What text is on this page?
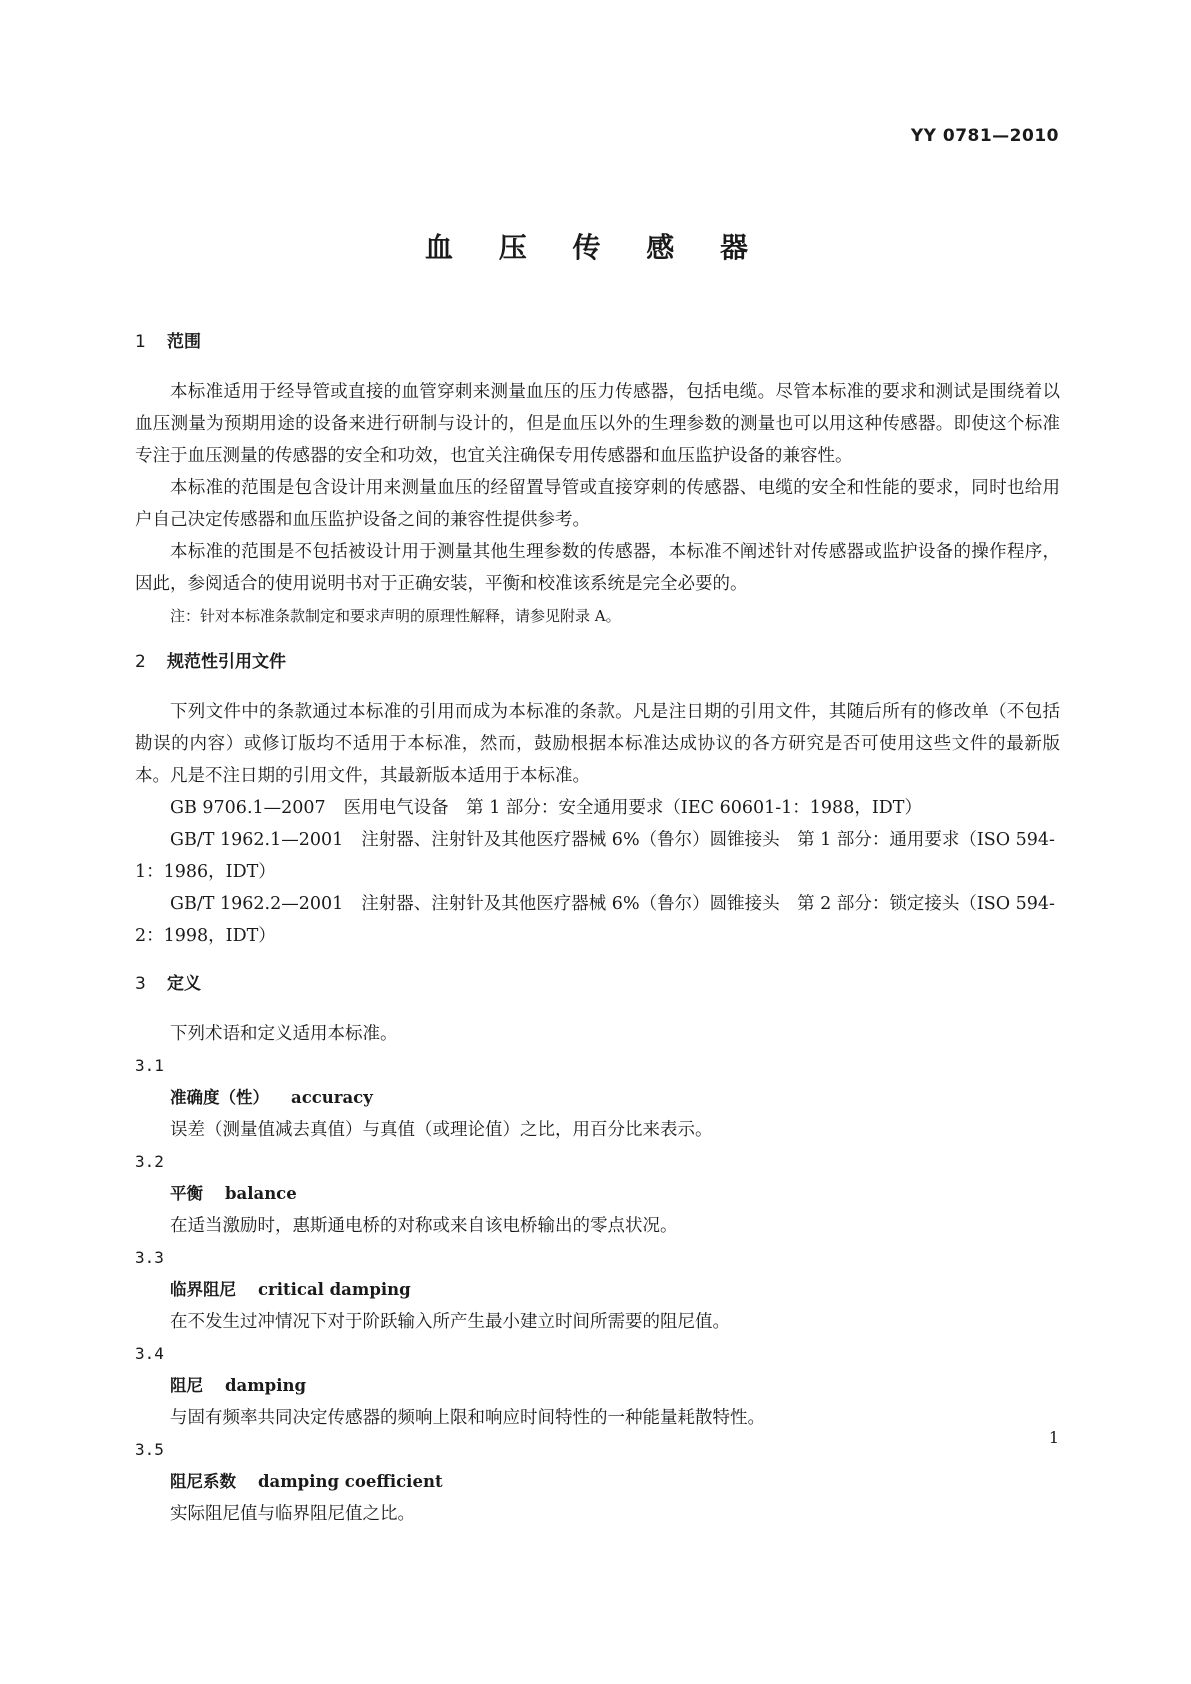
YY 0781—2010
血 压 传 感 器
1 范围

本标准适用于经导管或直接的血管穿刺来测量血压的压力传感器，包括电缆。尽管本标准的要求和测试是围绕着以血压测量为预期用途的设备来进行研制与设计的，但是血压以外的生理参数的测量也可以用这种传感器。即使这个标准专注于血压测量的传感器的安全和功效，也宜关注确保专用传感器和血压监护设备的兼容性。

本标准的范围是包含设计用来测量血压的经留置导管或直接穿刺的传感器、电缆的安全和性能的要求，同时也给用户自己决定传感器和血压监护设备之间的兼容性提供参考。

本标准的范围是不包括被设计用于测量其他生理参数的传感器，本标准不阐述针对传感器或监护设备的操作程序，因此，参阅适合的使用说明书对于正确安装，平衡和校准该系统是完全必要的。

注：针对本标准条款制定和要求声明的原理性解释，请参见附录 A。

2 规范性引用文件

下列文件中的条款通过本标准的引用而成为本标准的条款。凡是注日期的引用文件，其随后所有的修改单（不包括勘误的内容）或修订版均不适用于本标准，然而，鼓励根据本标准达成协议的各方研究是否可使用这些文件的最新版本。凡是不注日期的引用文件，其最新版本适用于本标准。

GB 9706.1—2007 医用电气设备　第 1 部分：安全通用要求（IEC 60601-1：1988，IDT）

GB/T 1962.1—2001 注射器、注射针及其他医疗器械 6%（鲁尔）圆锥接头　第 1 部分：通用要求（ISO 594-1：1986，IDT）

GB/T 1962.2—2001 注射器、注射针及其他医疗器械 6%（鲁尔）圆锥接头　第 2 部分：锁定接头（ISO 594-2：1998，IDT）

3 定义

下列术语和定义适用本标准。

3.1

准确度（性） accuracy

误差（测量值减去真值）与真值（或理论值）之比，用百分比来表示。

3.2

平衡 balance

在适当激励时，惠斯通电桥的对称或来自该电桥输出的零点状况。

3.3

临界阻尼 critical damping

在不发生过冲情况下对于阶跃输入所产生最小建立时间所需要的阻尼值。

3.4

阻尼 damping

与固有频率共同决定传感器的频响上限和响应时间特性的一种能量耗散特性。

3.5

阻尼系数 damping coefficient

实际阻尼值与临界阻尼值之比。

1
